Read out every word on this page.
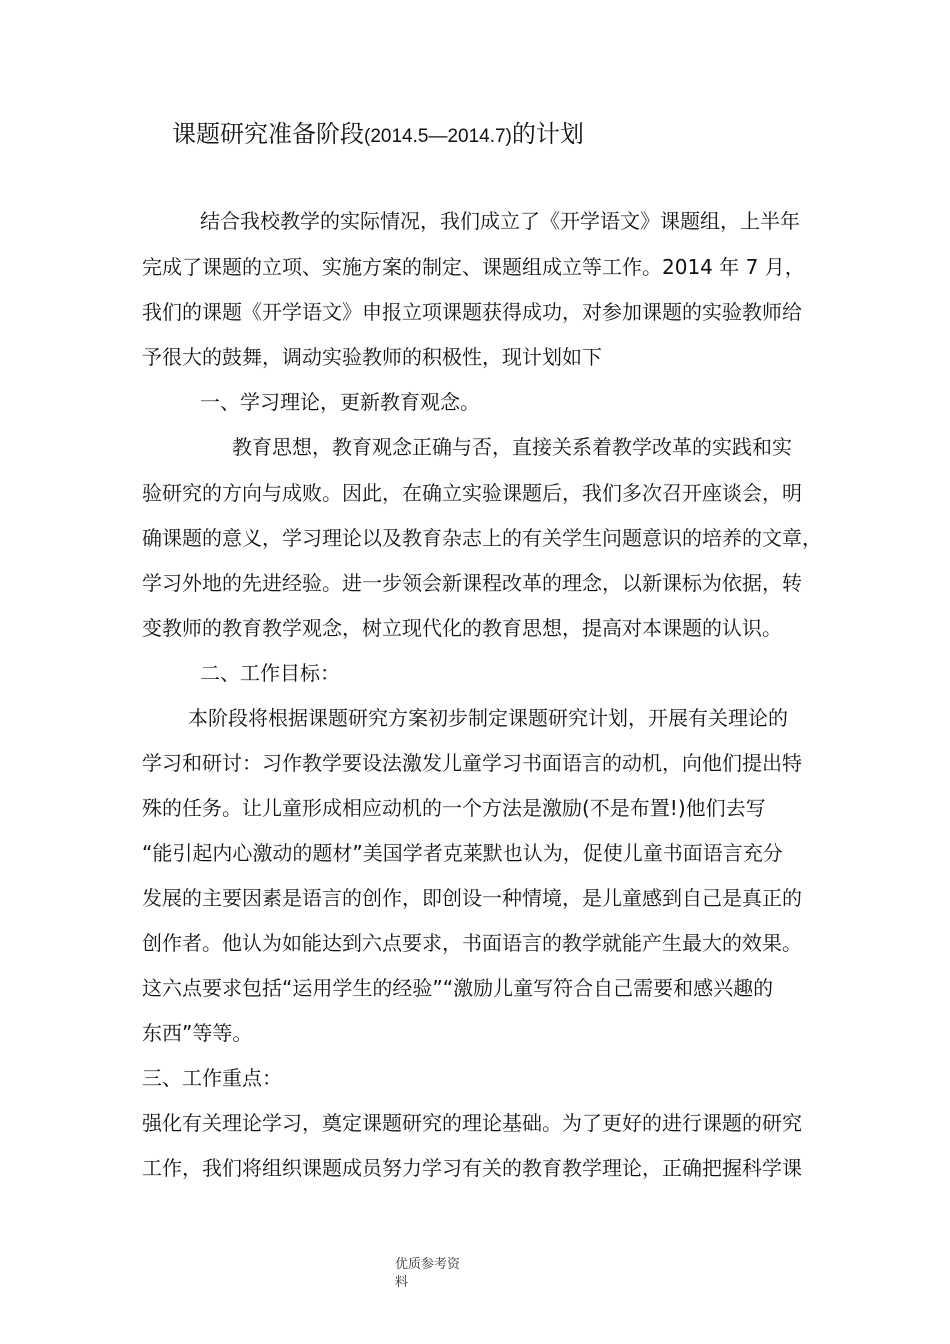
课题研究准备阶段(2014.5—2014.7)的计划
结合我校教学的实际情况，我们成立了《开学语文》课题组，上半年
完成了课题的立项、实施方案的制定、课题组成立等工作。2014 年 7 月，
我们的课题《开学语文》申报立项课题获得成功，对参加课题的实验教师给
予很大的鼓舞，调动实验教师的积极性，现计划如下
一、学习理论，更新教育观念。
教育思想，教育观念正确与否，直接关系着教学改革的实践和实
验研究的方向与成败。因此，在确立实验课题后，我们多次召开座谈会，明
确课题的意义，学习理论以及教育杂志上的有关学生问题意识的培养的文章，
学习外地的先进经验。进一步领会新课程改革的理念，以新课标为依据，转
变教师的教育教学观念，树立现代化的教育思想，提高对本课题的认识。
二、工作目标：
本阶段将根据课题研究方案初步制定课题研究计划，开展有关理论的
学习和研讨：习作教学要设法激发儿童学习书面语言的动机，向他们提出特
殊的任务。让儿童形成相应动机的一个方法是激励(不是布置!)他们去写
“能引起内心激动的题材”美国学者克莱默也认为，促使儿童书面语言充分
发展的主要因素是语言的创作，即创设一种情境，是儿童感到自己是真正的
创作者。他认为如能达到六点要求，书面语言的教学就能产生最大的效果。
这六点要求包括“运用学生的经验”“激励儿童写符合自己需要和感兴趣的
东西”等等。
三、工作重点：
强化有关理论学习，奠定课题研究的理论基础。为了更好的进行课题的研究
工作，我们将组织课题成员努力学习有关的教育教学理论，正确把握科学课
优质参考资
料
